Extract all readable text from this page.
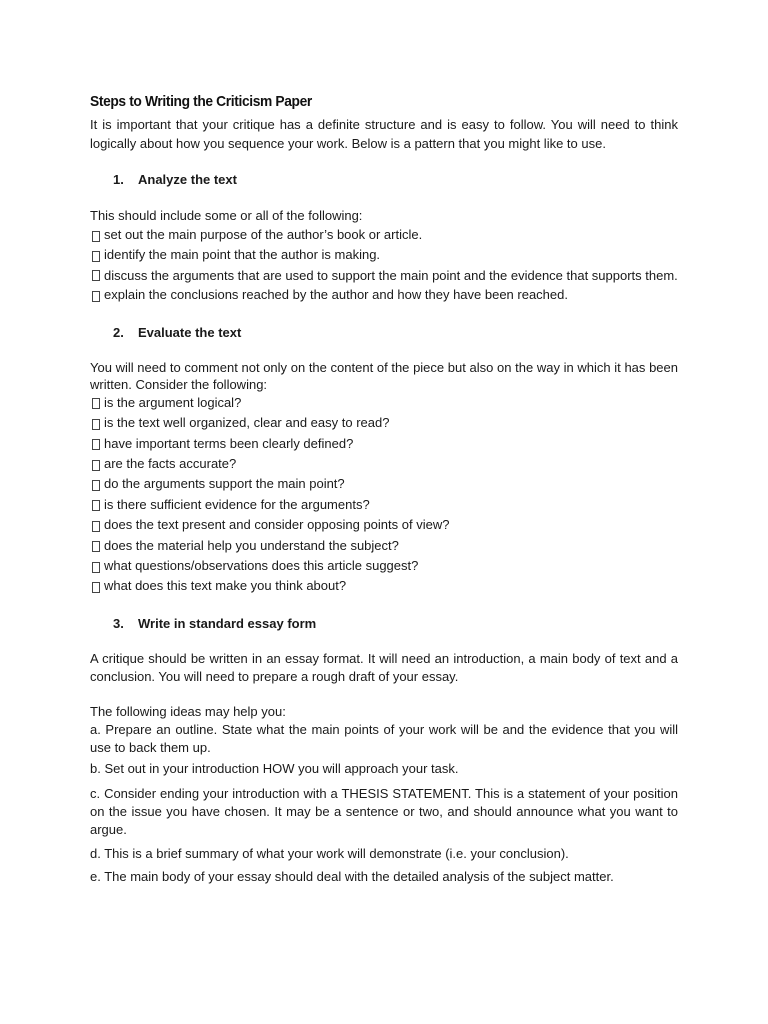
Steps to Writing the Criticism Paper

It is important that your critique has a definite structure and is easy to follow. You will need to think logically about how you sequence your work. Below is a pattern that you might like to use.

1.	Analyze the text

This should include some or all of the following:

set out the main purpose of the author’s book or article.
identify the main point that the author is making.
discuss the arguments that are used to support the main point and the evidence that supports them.
explain the conclusions reached by the author and how they have been reached.
2.	Evaluate the text

You will need to comment not only on the content of the piece but also on the way in which it has been written. Consider the following:

is the argument logical?
is the text well organized, clear and easy to read?
have important terms been clearly defined?
are the facts accurate?
do the arguments support the main point?
is there sufficient evidence for the arguments?
does the text present and consider opposing points of view?
does the material help you understand the subject?
what questions/observations does this article suggest?
what does this text make you think about?
3.	Write in standard essay form

A critique should be written in an essay format. It will need an introduction, a main body of text and a conclusion. You will need to prepare a rough draft of your essay.

The following ideas may help you:

a. Prepare an outline. State what the main points of your work will be and the evidence that you will use to back them up.

b. Set out in your introduction HOW you will approach your task.

c. Consider ending your introduction with a THESIS STATEMENT. This is a statement of your position on the issue you have chosen. It may be a sentence or two, and should announce what you want to argue.

d. This is a brief summary of what your work will demonstrate (i.e. your conclusion).

e. The main body of your essay should deal with the detailed analysis of the subject matter.
